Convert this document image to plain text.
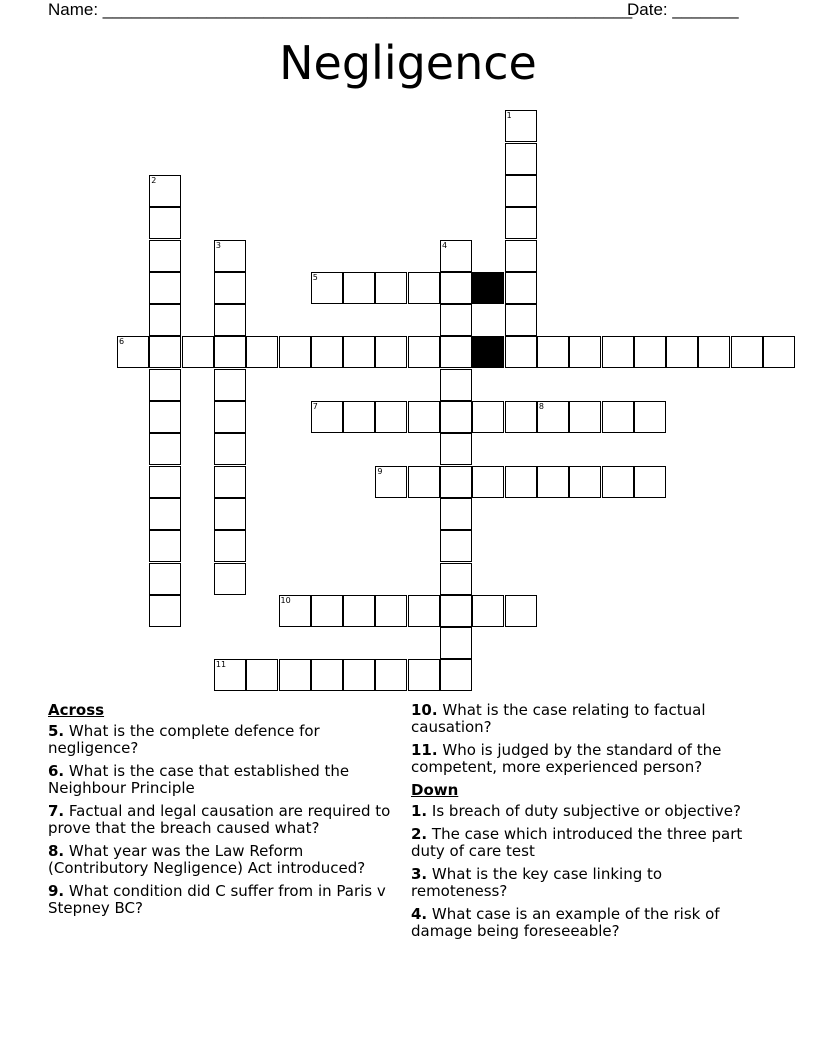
Name: ________________________________________________________
Date: _______
Negligence
1
2
3	4
5
6
7	8
9
10
11
Across
5. What is the complete defence for negligence?
6. What is the case that established the Neighbour Principle
7. Factual and legal causation are required to prove that the breach caused what?
8. What year was the Law Reform (Contributory Negligence) Act introduced?
9. What condition did C suffer from in Paris v Stepney BC?
10. What is the case relating to factual causation?
11. Who is judged by the standard of the competent, more experienced person?
Down
1. Is breach of duty subjective or objective?
2. The case which introduced the three part duty of care test
3. What is the key case linking to remoteness?
4. What case is an example of the risk of damage being foreseeable?
